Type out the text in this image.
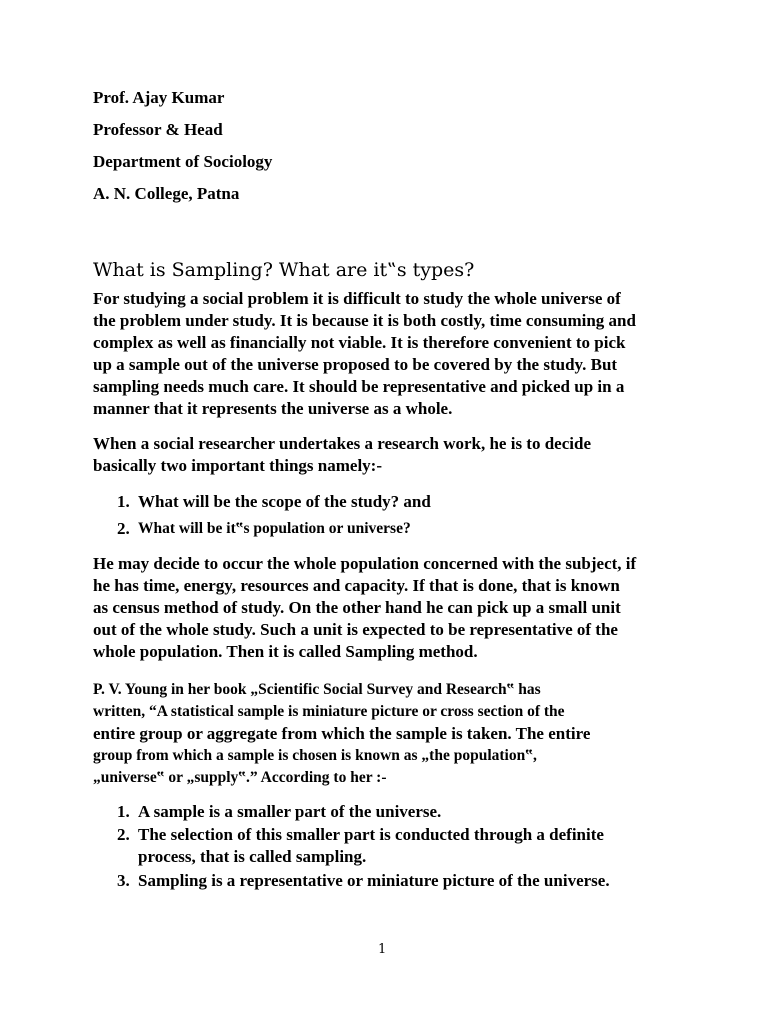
Prof. Ajay Kumar
Professor & Head
Department of Sociology
A. N. College, Patna
What is Sampling? What are it‟s types?
For studying a social problem it is difficult to study the whole universe of
the problem under study. It is because it is both costly, time consuming and
complex as well as financially not viable. It is therefore convenient to pick
up a sample out of the universe proposed to be covered by the study. But
sampling needs much care. It should be representative and picked up in a
manner that it represents the universe as a whole.
When a social researcher undertakes a research work, he is to decide
basically two important things namely:-
1. What will be the scope of the study? and
2. What will be it‟s population or universe?
He may decide to occur the whole population concerned with the subject, if
he has time, energy, resources and capacity. If that is done, that is known
as census method of study. On the other hand he can pick up a small unit
out of the whole study. Such a unit is expected to be representative of the
whole population. Then it is called Sampling method.
P. V. Young in her book „Scientific Social Survey and Research‟ has
written, “A statistical sample is miniature picture or cross section of the
entire group or aggregate from which the sample is taken. The entire
group from which a sample is chosen is known as „the population‟,
„universe‟ or „supply‟.” According to her :-
1. A sample is a smaller part of the universe.
2. The selection of this smaller part is conducted through a definite
process, that is called sampling.
3. Sampling is a representative or miniature picture of the universe.
1
